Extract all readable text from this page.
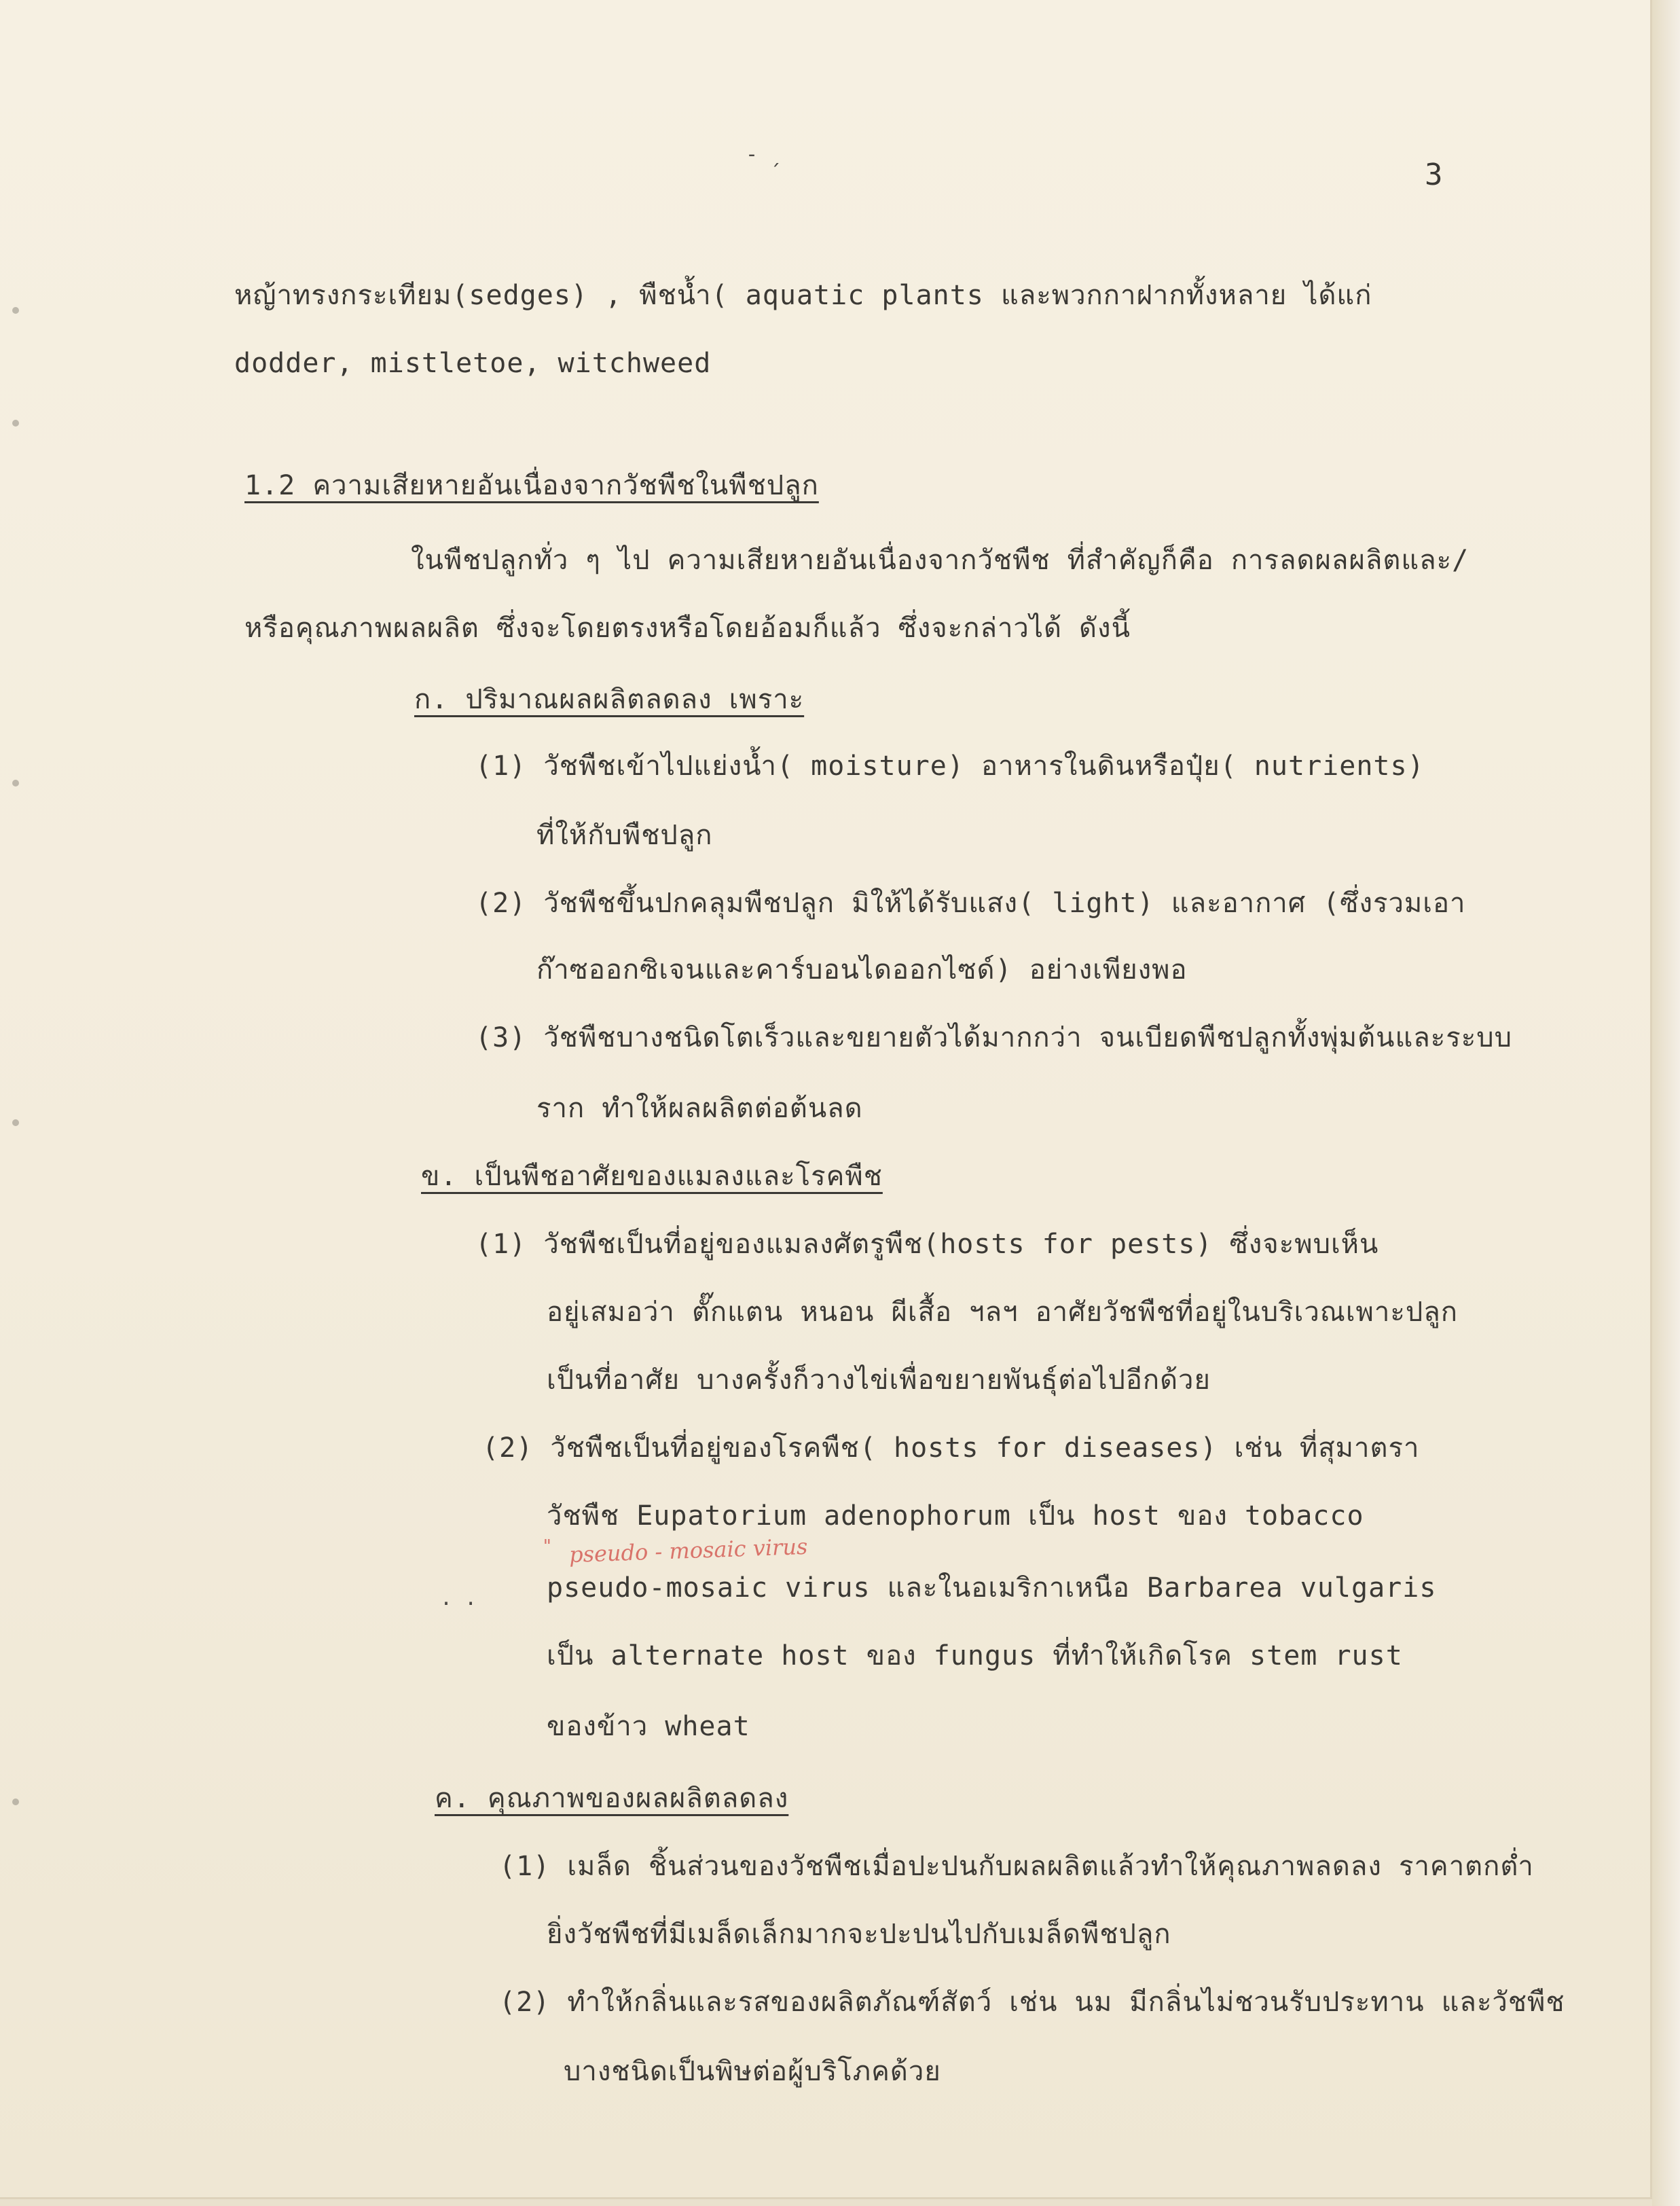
- ˏ
. .
3
หญ้าทรงกระเทียม(sedges) , พืชน้ำ( aquatic plants และพวกกาฝากทั้งหลาย ได้แก่
dodder, mistletoe, witchweed
1.2 ความเสียหายอันเนื่องจากวัชพืชในพืชปลูก
ในพืชปลูกทั่ว ๆ ไป ความเสียหายอันเนื่องจากวัชพืช ที่สำคัญก็คือ การลดผลผลิตและ/
หรือคุณภาพผลผลิต ซึ่งจะโดยตรงหรือโดยอ้อมก็แล้ว ซึ่งจะกล่าวได้ ดังนี้
ก. ปริมาณผลผลิตลดลง เพราะ
(1) วัชพืชเข้าไปแย่งน้ำ( moisture) อาหารในดินหรือปุ๋ย( nutrients)
ที่ให้กับพืชปลูก
(2) วัชพืชขึ้นปกคลุมพืชปลูก มิให้ได้รับแสง( light) และอากาศ (ซึ่งรวมเอา
ก๊าซออกซิเจนและคาร์บอนไดออกไซด์) อย่างเพียงพอ
(3) วัชพืชบางชนิดโตเร็วและขยายตัวได้มากกว่า จนเบียดพืชปลูกทั้งพุ่มต้นและระบบ
ราก ทำให้ผลผลิตต่อต้นลด
ข. เป็นพืชอาศัยของแมลงและโรคพืช
(1) วัชพืชเป็นที่อยู่ของแมลงศัตรูพืช(hosts for pests) ซึ่งจะพบเห็น
อยู่เสมอว่า ตั๊กแตน หนอน ผีเสื้อ ฯลฯ อาศัยวัชพืชที่อยู่ในบริเวณเพาะปลูก
เป็นที่อาศัย บางครั้งก็วางไข่เพื่อขยายพันธุ์ต่อไปอีกด้วย
(2) วัชพืชเป็นที่อยู่ของโรคพืช( hosts for diseases) เช่น ที่สุมาตรา
วัชพืช Eupatorium adenophorum เป็น host ของ tobacco
pseudo-mosaic virus และในอเมริกาเหนือ Barbarea vulgaris
เป็น alternate host ของ fungus ที่ทำให้เกิดโรค stem rust
ของข้าว wheat
ค. คุณภาพของผลผลิตลดลง
(1) เมล็ด ชิ้นส่วนของวัชพืชเมื่อปะปนกับผลผลิตแล้วทำให้คุณภาพลดลง ราคาตกต่ำ
ยิ่งวัชพืชที่มีเมล็ดเล็กมากจะปะปนไปกับเมล็ดพืชปลูก
(2) ทำให้กลิ่นและรสของผลิตภัณฑ์สัตว์ เช่น นม มีกลิ่นไม่ชวนรับประทาน และวัชพืช
บางชนิดเป็นพิษต่อผู้บริโภคด้วย
" pseudo - mosaic virus
